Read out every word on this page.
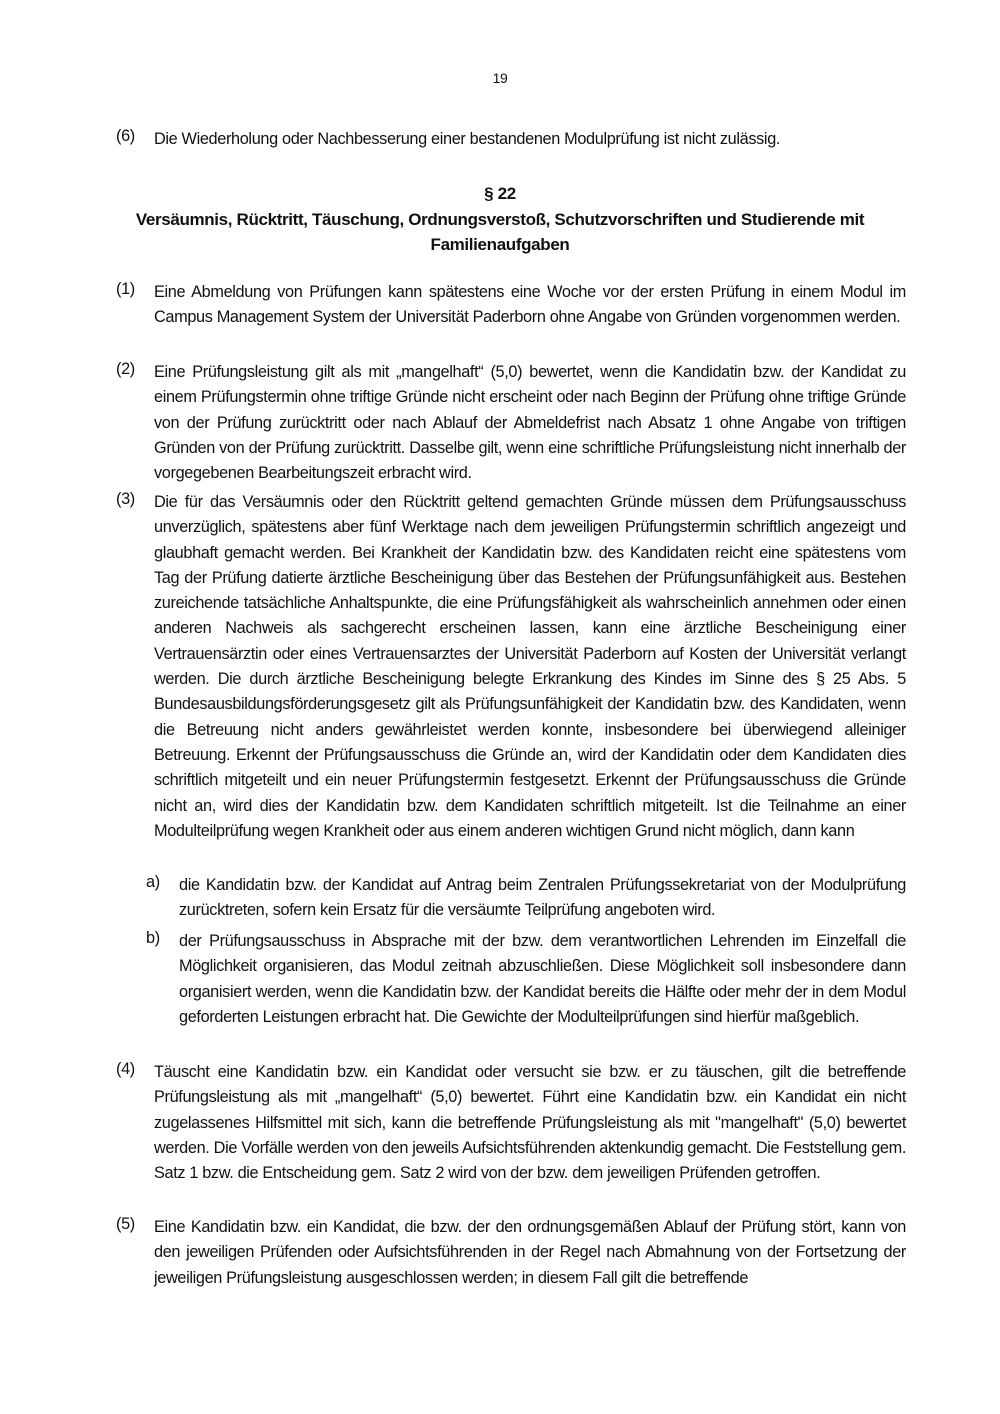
19
(6) Die Wiederholung oder Nachbesserung einer bestandenen Modulprüfung ist nicht zulässig.
§ 22
Versäumnis, Rücktritt, Täuschung, Ordnungsverstoß, Schutzvorschriften und Studierende mit
Familienaufgaben
(1) Eine Abmeldung von Prüfungen kann spätestens eine Woche vor der ersten Prüfung in einem Modul im Campus Management System der Universität Paderborn ohne Angabe von Gründen vorgenommen werden.
(2) Eine Prüfungsleistung gilt als mit „mangelhaft“ (5,0) bewertet, wenn die Kandidatin bzw. der Kandidat zu einem Prüfungstermin ohne triftige Gründe nicht erscheint oder nach Beginn der Prüfung ohne triftige Gründe von der Prüfung zurücktritt oder nach Ablauf der Abmeldefrist nach Absatz 1 ohne Angabe von triftigen Gründen von der Prüfung zurücktritt. Dasselbe gilt, wenn eine schriftliche Prüfungsleistung nicht innerhalb der vorgegebenen Bearbeitungszeit erbracht wird.
(3) Die für das Versäumnis oder den Rücktritt geltend gemachten Gründe müssen dem Prüfungsausschuss unverzüglich, spätestens aber fünf Werktage nach dem jeweiligen Prüfungstermin schriftlich angezeigt und glaubhaft gemacht werden. Bei Krankheit der Kandidatin bzw. des Kandidaten reicht eine spätestens vom Tag der Prüfung datierte ärztliche Bescheinigung über das Bestehen der Prüfungsunfähigkeit aus. Bestehen zureichende tatsächliche Anhaltspunkte, die eine Prüfungsfähigkeit als wahrscheinlich annehmen oder einen anderen Nachweis als sachgerecht erscheinen lassen, kann eine ärztliche Bescheinigung einer Vertrauensärztin oder eines Vertrauensarztes der Universität Paderborn auf Kosten der Universität verlangt werden. Die durch ärztliche Bescheinigung belegte Erkrankung des Kindes im Sinne des § 25 Abs. 5 Bundesausbildungsförderungsgesetz gilt als Prüfungsunfähigkeit der Kandidatin bzw. des Kandidaten, wenn die Betreuung nicht anders gewährleistet werden konnte, insbesondere bei überwiegend alleiniger Betreuung. Erkennt der Prüfungsausschuss die Gründe an, wird der Kandidatin oder dem Kandidaten dies schriftlich mitgeteilt und ein neuer Prüfungstermin festgesetzt. Erkennt der Prüfungsausschuss die Gründe nicht an, wird dies der Kandidatin bzw. dem Kandidaten schriftlich mitgeteilt. Ist die Teilnahme an einer Modulteilprüfung wegen Krankheit oder aus einem anderen wichtigen Grund nicht möglich, dann kann
a) die Kandidatin bzw. der Kandidat auf Antrag beim Zentralen Prüfungssekretariat von der Modulprüfung zurücktreten, sofern kein Ersatz für die versäumte Teilprüfung angeboten wird.
b) der Prüfungsausschuss in Absprache mit der bzw. dem verantwortlichen Lehrenden im Einzelfall die Möglichkeit organisieren, das Modul zeitnah abzuschließen. Diese Möglichkeit soll insbesondere dann organisiert werden, wenn die Kandidatin bzw. der Kandidat bereits die Hälfte oder mehr der in dem Modul geforderten Leistungen erbracht hat. Die Gewichte der Modulteilprüfungen sind hierfür maßgeblich.
(4) Täuscht eine Kandidatin bzw. ein Kandidat oder versucht sie bzw. er zu täuschen, gilt die betreffende Prüfungsleistung als mit „mangelhaft“ (5,0) bewertet. Führt eine Kandidatin bzw. ein Kandidat ein nicht zugelassenes Hilfsmittel mit sich, kann die betreffende Prüfungsleistung als mit "mangelhaft" (5,0) bewertet werden. Die Vorfälle werden von den jeweils Aufsichtsführenden aktenkundig gemacht. Die Feststellung gem. Satz 1 bzw. die Entscheidung gem. Satz 2 wird von der bzw. dem jeweiligen Prüfenden getroffen.
(5) Eine Kandidatin bzw. ein Kandidat, die bzw. der den ordnungsgemäßen Ablauf der Prüfung stört, kann von den jeweiligen Prüfenden oder Aufsichtsführenden in der Regel nach Abmahnung von der Fortsetzung der jeweiligen Prüfungsleistung ausgeschlossen werden; in diesem Fall gilt die betreffende
